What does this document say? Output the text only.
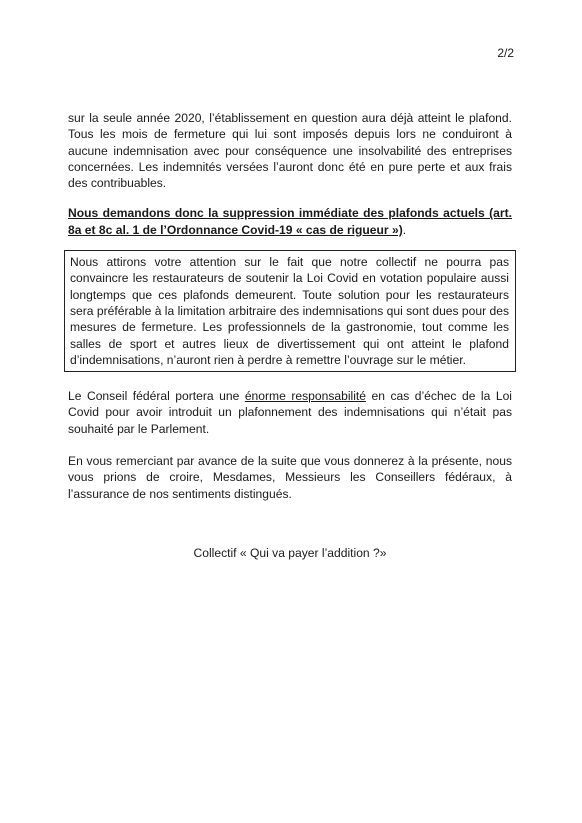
2/2

sur la seule année 2020, l’établissement en question aura déjà atteint le plafond. Tous les mois de fermeture qui lui sont imposés depuis lors ne conduiront à aucune indemnisation avec pour conséquence une insolvabilité des entreprises concernées. Les indemnités versées l’auront donc été en pure perte et aux frais des contribuables.

Nous demandons donc la suppression immédiate des plafonds actuels (art. 8a et 8c al. 1 de l’Ordonnance Covid-19 « cas de rigueur »).

Nous attirons votre attention sur le fait que notre collectif ne pourra pas convaincre les restaurateurs de soutenir la Loi Covid en votation populaire aussi longtemps que ces plafonds demeurent. Toute solution pour les restaurateurs sera préférable à la limitation arbitraire des indemnisations qui sont dues pour des mesures de fermeture. Les professionnels de la gastronomie, tout comme les salles de sport et autres lieux de divertissement qui ont atteint le plafond d’indemnisations, n’auront rien à perdre à remettre l’ouvrage sur le métier.

Le Conseil fédéral portera une énorme responsabilité en cas d’échec de la Loi Covid pour avoir introduit un plafonnement des indemnisations qui n’était pas souhaité par le Parlement.

En vous remerciant par avance de la suite que vous donnerez à la présente, nous vous prions de croire, Mesdames, Messieurs les Conseillers fédéraux, à l’assurance de nos sentiments distingués.

Collectif « Qui va payer l’addition ?»
